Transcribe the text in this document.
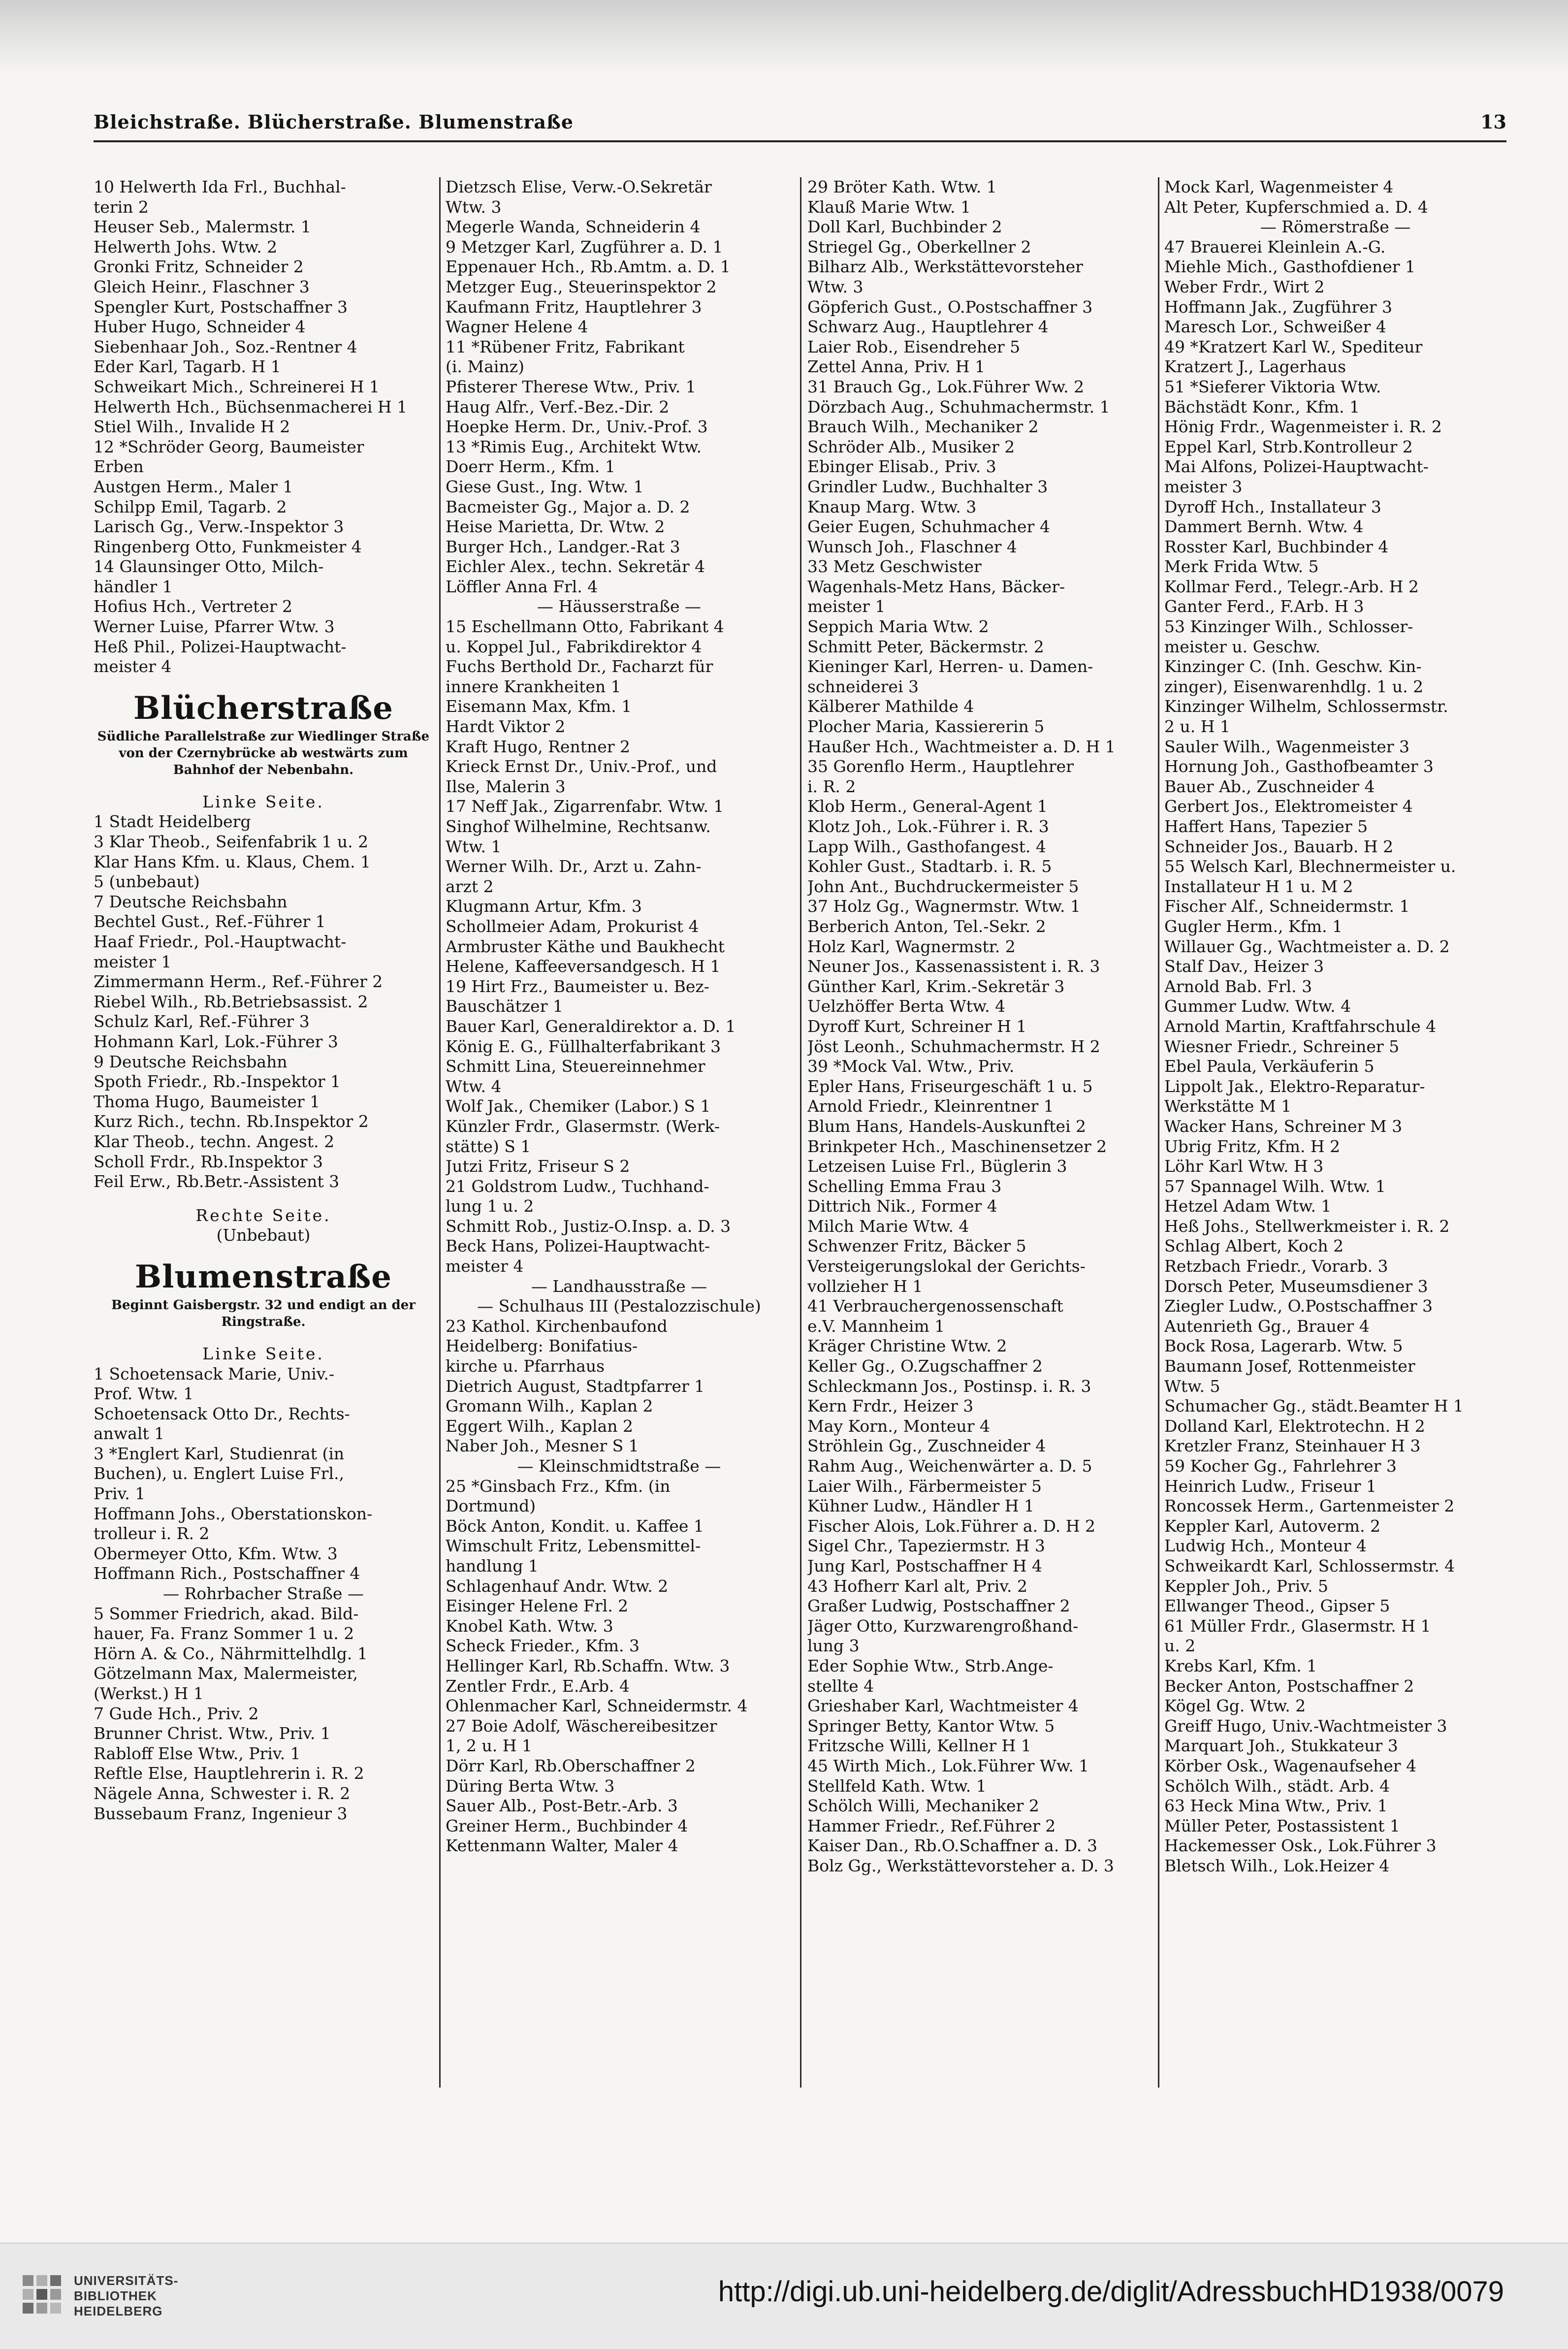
Bleichstraße. Blücherstraße. Blumenstraße	13
10 Helwerth Ida Frl., Buchhal-
terin 2
Heuser Seb., Malermstr. 1
Helwerth Johs. Wtw. 2
Gronki Fritz, Schneider 2
Gleich Heinr., Flaschner 3
Spengler Kurt, Postschaffner 3
Huber Hugo, Schneider 4
Siebenhaar Joh., Soz.-Rentner 4
Eder Karl, Tagarb. H 1
Schweikart Mich., Schreinerei H 1
Helwerth Hch., Büchsenmacherei H 1
Stiel Wilh., Invalide H 2
12 *Schröder Georg, Baumeister
Erben
Austgen Herm., Maler 1
Schilpp Emil, Tagarb. 2
Larisch Gg., Verw.-Inspektor 3
Ringenberg Otto, Funkmeister 4
14 Glaunsinger Otto, Milch-
händler 1
Hofius Hch., Vertreter 2
Werner Luise, Pfarrer Wtw. 3
Heß Phil., Polizei-Hauptwacht-
meister 4
Blücherstraße
Südliche Parallelstraße zur Wiedlinger Straße von der Czernybrücke ab westwärts zum Bahnhof der Nebenbahn.
Linke Seite.
1 Stadt Heidelberg
3 Klar Theob., Seifenfabrik 1 u. 2
Klar Hans Kfm. u. Klaus, Chem. 1
5 (unbebaut)
7 Deutsche Reichsbahn
Bechtel Gust., Ref.-Führer 1
Haaf Friedr., Pol.-Hauptwacht-
meister 1
Zimmermann Herm., Ref.-Führer 2
Riebel Wilh., Rb.Betriebsassist. 2
Schulz Karl, Ref.-Führer 3
Hohmann Karl, Lok.-Führer 3
9 Deutsche Reichsbahn
Spoth Friedr., Rb.-Inspektor 1
Thoma Hugo, Baumeister 1
Kurz Rich., techn. Rb.Inspektor 2
Klar Theob., techn. Angest. 2
Scholl Frdr., Rb.Inspektor 3
Feil Erw., Rb.Betr.-Assistent 3
Rechte Seite.
(Unbebaut)
Blumenstraße
Beginnt Gaisbergstr. 32 und endigt an der Ringstraße.
Linke Seite.
1 Schoetensack Marie, Univ.-
Prof. Wtw. 1
Schoetensack Otto Dr., Rechts-
anwalt 1
3 *Englert Karl, Studienrat (in
Buchen), u. Englert Luise Frl.,
Priv. 1
Hoffmann Johs., Oberstationskon-
trolleur i. R. 2
Obermeyer Otto, Kfm. Wtw. 3
Hoffmann Rich., Postschaffner 4
— Rohrbacher Straße —
5 Sommer Friedrich, akad. Bild-
hauer, Fa. Franz Sommer 1 u. 2
Hörn A. & Co., Nährmittelhdlg. 1
Götzelmann Max, Malermeister,
(Werkst.) H 1
7 Gude Hch., Priv. 2
Brunner Christ. Wtw., Priv. 1
Rabloff Else Wtw., Priv. 1
Reftle Else, Hauptlehrerin i. R. 2
Nägele Anna, Schwester i. R. 2
Bussebaum Franz, Ingenieur 3
Dietzsch Elise, Verw.-O.Sekretär
Wtw. 3
Megerle Wanda, Schneiderin 4
9 Metzger Karl, Zugführer a. D. 1
Eppenauer Hch., Rb.Amtm. a. D. 1
Metzger Eug., Steuerinspektor 2
Kaufmann Fritz, Hauptlehrer 3
Wagner Helene 4
11 *Rübener Fritz, Fabrikant
(i. Mainz)
Pfisterer Therese Wtw., Priv. 1
Haug Alfr., Verf.-Bez.-Dir. 2
Hoepke Herm. Dr., Univ.-Prof. 3
13 *Rimis Eug., Architekt Wtw.
Doerr Herm., Kfm. 1
Giese Gust., Ing. Wtw. 1
Bacmeister Gg., Major a. D. 2
Heise Marietta, Dr. Wtw. 2
Burger Hch., Landger.-Rat 3
Eichler Alex., techn. Sekretär 4
Löffler Anna Frl. 4
— Häusserstraße —
15 Eschellmann Otto, Fabrikant 4
u. Koppel Jul., Fabrikdirektor 4
Fuchs Berthold Dr., Facharzt für
innere Krankheiten 1
Eisemann Max, Kfm. 1
Hardt Viktor 2
Kraft Hugo, Rentner 2
Krieck Ernst Dr., Univ.-Prof., und
Ilse, Malerin 3
17 Neff Jak., Zigarrenfabr. Wtw. 1
Singhof Wilhelmine, Rechtsanw.
Wtw. 1
Werner Wilh. Dr., Arzt u. Zahn-
arzt 2
Klugmann Artur, Kfm. 3
Schollmeier Adam, Prokurist 4
Armbruster Käthe und Baukhecht
Helene, Kaffeeversandgesch. H 1
19 Hirt Frz., Baumeister u. Bez-
Bauschätzer 1
Bauer Karl, Generaldirektor a. D. 1
König E. G., Füllhalterfabrikant 3
Schmitt Lina, Steuereinnehmer
Wtw. 4
Wolf Jak., Chemiker (Labor.) S 1
Künzler Frdr., Glasermstr. (Werk-
stätte) S 1
Jutzi Fritz, Friseur S 2
21 Goldstrom Ludw., Tuchhand-
lung 1 u. 2
Schmitt Rob., Justiz-O.Insp. a. D. 3
Beck Hans, Polizei-Hauptwacht-
meister 4
— Landhausstraße —
— Schulhaus III (Pestalozzischule)
23 Kathol. Kirchenbaufond
Heidelberg: Bonifatius-
kirche u. Pfarrhaus
Dietrich August, Stadtpfarrer 1
Gromann Wilh., Kaplan 2
Eggert Wilh., Kaplan 2
Naber Joh., Mesner S 1
— Kleinschmidtstraße —
25 *Ginsbach Frz., Kfm. (in
Dortmund)
Böck Anton, Kondit. u. Kaffee 1
Wimschult Fritz, Lebensmittel-
handlung 1
Schlagenhauf Andr. Wtw. 2
Eisinger Helene Frl. 2
Knobel Kath. Wtw. 3
Scheck Frieder., Kfm. 3
Hellinger Karl, Rb.Schaffn. Wtw. 3
Zentler Frdr., E.Arb. 4
Ohlenmacher Karl, Schneidermstr. 4
27 Boie Adolf, Wäschereibesitzer
1, 2 u. H 1
Dörr Karl, Rb.Oberschaffner 2
Düring Berta Wtw. 3
Sauer Alb., Post-Betr.-Arb. 3
Greiner Herm., Buchbinder 4
Kettenmann Walter, Maler 4
29 Bröter Kath. Wtw. 1
Klauß Marie Wtw. 1
Doll Karl, Buchbinder 2
Striegel Gg., Oberkellner 2
Bilharz Alb., Werkstättevorsteher
Wtw. 3
Göpferich Gust., O.Postschaffner 3
Schwarz Aug., Hauptlehrer 4
Laier Rob., Eisendreher 5
Zettel Anna, Priv. H 1
31 Brauch Gg., Lok.Führer Ww. 2
Dörzbach Aug., Schuhmachermstr. 1
Brauch Wilh., Mechaniker 2
Schröder Alb., Musiker 2
Ebinger Elisab., Priv. 3
Grindler Ludw., Buchhalter 3
Knaup Marg. Wtw. 3
Geier Eugen, Schuhmacher 4
Wunsch Joh., Flaschner 4
33 Metz Geschwister
Wagenhals-Metz Hans, Bäcker-
meister 1
Seppich Maria Wtw. 2
Schmitt Peter, Bäckermstr. 2
Kieninger Karl, Herren- u. Damen-
schneiderei 3
Kälberer Mathilde 4
Plocher Maria, Kassiererin 5
Haußer Hch., Wachtmeister a. D. H 1
35 Gorenflo Herm., Hauptlehrer
i. R. 2
Klob Herm., General-Agent 1
Klotz Joh., Lok.-Führer i. R. 3
Lapp Wilh., Gasthofangest. 4
Kohler Gust., Stadtarb. i. R. 5
John Ant., Buchdruckermeister 5
37 Holz Gg., Wagnermstr. Wtw. 1
Berberich Anton, Tel.-Sekr. 2
Holz Karl, Wagnermstr. 2
Neuner Jos., Kassenassistent i. R. 3
Günther Karl, Krim.-Sekretär 3
Uelzhöffer Berta Wtw. 4
Dyroff Kurt, Schreiner H 1
Jöst Leonh., Schuhmachermstr. H 2
39 *Mock Val. Wtw., Priv.
Epler Hans, Friseurgeschäft 1 u. 5
Arnold Friedr., Kleinrentner 1
Blum Hans, Handels-Auskunftei 2
Brinkpeter Hch., Maschinensetzer 2
Letzeisen Luise Frl., Büglerin 3
Schelling Emma Frau 3
Dittrich Nik., Former 4
Milch Marie Wtw. 4
Schwenzer Fritz, Bäcker 5
Versteigerungslokal der Gerichts-
vollzieher H 1
41 Verbrauchergenossenschaft
e.V. Mannheim 1
Kräger Christine Wtw. 2
Keller Gg., O.Zugschaffner 2
Schleckmann Jos., Postinsp. i. R. 3
Kern Frdr., Heizer 3
May Korn., Monteur 4
Ströhlein Gg., Zuschneider 4
Rahm Aug., Weichenwärter a. D. 5
Laier Wilh., Färbermeister 5
Kühner Ludw., Händler H 1
Fischer Alois, Lok.Führer a. D. H 2
Sigel Chr., Tapeziermstr. H 3
Jung Karl, Postschaffner H 4
43 Hofherr Karl alt, Priv. 2
Graßer Ludwig, Postschaffner 2
Jäger Otto, Kurzwarengroßhand-
lung 3
Eder Sophie Wtw., Strb.Ange-
stellte 4
Grieshaber Karl, Wachtmeister 4
Springer Betty, Kantor Wtw. 5
Fritzsche Willi, Kellner H 1
45 Wirth Mich., Lok.Führer Ww. 1
Stellfeld Kath. Wtw. 1
Schölch Willi, Mechaniker 2
Hammer Friedr., Ref.Führer 2
Kaiser Dan., Rb.O.Schaffner a. D. 3
Bolz Gg., Werkstättevorsteher a. D. 3
Mock Karl, Wagenmeister 4
Alt Peter, Kupferschmied a. D. 4
— Römerstraße —
47 Brauerei Kleinlein A.-G.
Miehle Mich., Gasthofdiener 1
Weber Frdr., Wirt 2
Hoffmann Jak., Zugführer 3
Maresch Lor., Schweißer 4
49 *Kratzert Karl W., Spediteur
Kratzert J., Lagerhaus
51 *Sieferer Viktoria Wtw.
Bächstädt Konr., Kfm. 1
Hönig Frdr., Wagenmeister i. R. 2
Eppel Karl, Strb.Kontrolleur 2
Mai Alfons, Polizei-Hauptwacht-
meister 3
Dyroff Hch., Installateur 3
Dammert Bernh. Wtw. 4
Rosster Karl, Buchbinder 4
Merk Frida Wtw. 5
Kollmar Ferd., Telegr.-Arb. H 2
Ganter Ferd., F.Arb. H 3
53 Kinzinger Wilh., Schlosser-
meister u. Geschw.
Kinzinger C. (Inh. Geschw. Kin-
zinger), Eisenwarenhdlg. 1 u. 2
Kinzinger Wilhelm, Schlossermstr.
2 u. H 1
Sauler Wilh., Wagenmeister 3
Hornung Joh., Gasthofbeamter 3
Bauer Ab., Zuschneider 4
Gerbert Jos., Elektromeister 4
Haffert Hans, Tapezier 5
Schneider Jos., Bauarb. H 2
55 Welsch Karl, Blechnermeister u.
Installateur H 1 u. M 2
Fischer Alf., Schneidermstr. 1
Gugler Herm., Kfm. 1
Willauer Gg., Wachtmeister a. D. 2
Stalf Dav., Heizer 3
Arnold Bab. Frl. 3
Gummer Ludw. Wtw. 4
Arnold Martin, Kraftfahrschule 4
Wiesner Friedr., Schreiner 5
Ebel Paula, Verkäuferin 5
Lippolt Jak., Elektro-Reparatur-
Werkstätte M 1
Wacker Hans, Schreiner M 3
Ubrig Fritz, Kfm. H 2
Löhr Karl Wtw. H 3
57 Spannagel Wilh. Wtw. 1
Hetzel Adam Wtw. 1
Heß Johs., Stellwerkmeister i. R. 2
Schlag Albert, Koch 2
Retzbach Friedr., Vorarb. 3
Dorsch Peter, Museumsdiener 3
Ziegler Ludw., O.Postschaffner 3
Autenrieth Gg., Brauer 4
Bock Rosa, Lagerarb. Wtw. 5
Baumann Josef, Rottenmeister
Wtw. 5
Schumacher Gg., städt.Beamter H 1
Dolland Karl, Elektrotechn. H 2
Kretzler Franz, Steinhauer H 3
59 Kocher Gg., Fahrlehrer 3
Heinrich Ludw., Friseur 1
Roncossek Herm., Gartenmeister 2
Keppler Karl, Autoverm. 2
Ludwig Hch., Monteur 4
Schweikardt Karl, Schlossermstr. 4
Keppler Joh., Priv. 5
Ellwanger Theod., Gipser 5
61 Müller Frdr., Glasermstr. H 1
u. 2
Krebs Karl, Kfm. 1
Becker Anton, Postschaffner 2
Kögel Gg. Wtw. 2
Greiff Hugo, Univ.-Wachtmeister 3
Marquart Joh., Stukkateur 3
Körber Osk., Wagenaufseher 4
Schölch Wilh., städt. Arb. 4
63 Heck Mina Wtw., Priv. 1
Müller Peter, Postassistent 1
Hackemesser Osk., Lok.Führer 3
Bletsch Wilh., Lok.Heizer 4
UNIVERSITÄTS-
BIBLIOTHEK
HEIDELBERG
http://digi.ub.uni-heidelberg.de/diglit/AdressbuchHD1938/0079
